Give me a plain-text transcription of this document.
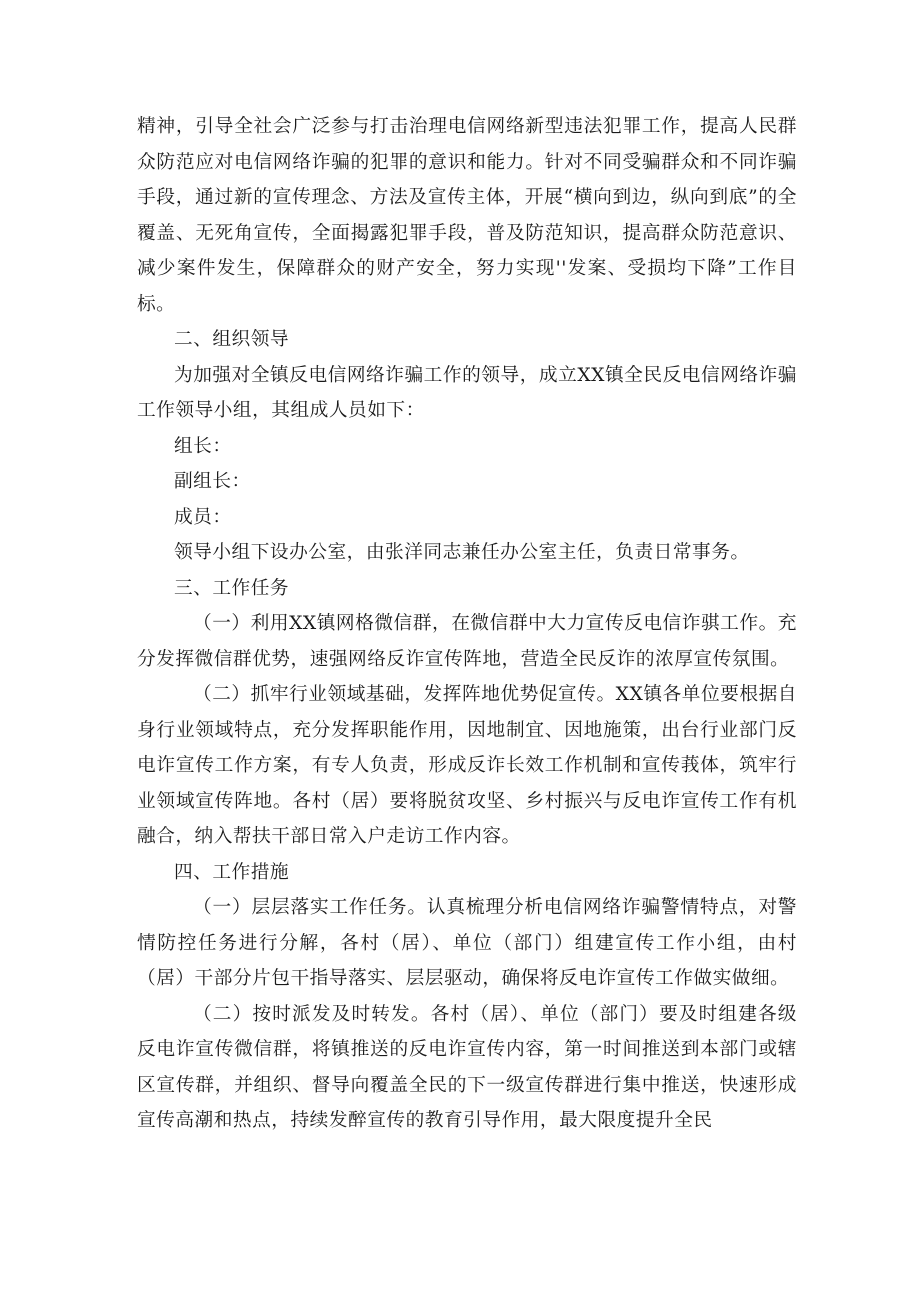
精神，引导全社会广泛参与打击治理电信网络新型违法犯罪工作，提高人民群众防范应对电信网络诈骗的犯罪的意识和能力。针对不同受骗群众和不同诈骗手段，通过新的宣传理念、方法及宣传主体，开展“横向到边，纵向到底”的全覆盖、无死角宣传，全面揭露犯罪手段，普及防范知识，提高群众防范意识、减少案件发生，保障群众的财产安全，努力实现''发案、受损均下降”工作目标。

二、组织领导

为加强对全镇反电信网络诈骗工作的领导，成立XX镇全民反电信网络诈骗工作领导小组，其组成人员如下：

组长：

副组长：

成员：

领导小组下设办公室，由张洋同志兼任办公室主任，负责日常事务。

三、工作任务

（一）利用XX镇网格微信群，在微信群中大力宣传反电信诈骐工作。充分发挥微信群优势，速强网络反诈宣传阵地，营造全民反诈的浓厚宣传氛围。

（二）抓牢行业领域基础，发挥阵地优势促宣传。XX镇各单位要根据自身行业领域特点，充分发挥职能作用，因地制宜、因地施策，出台行业部门反电诈宣传工作方案，有专人负责，形成反诈长效工作机制和宣传莪体，筑牢行业领域宣传阵地。各村（居）要将脱贫攻坚、乡村振兴与反电诈宣传工作有机融合，纳入帮扶干部日常入户走访工作内容。

四、工作措施

（一）层层落实工作任务。认真梳理分析电信网络诈骗警情特点，对警情防控任务进行分解，各村（居）、单位（部门）组建宣传工作小组，由村（居）干部分片包干指导落实、层层驱动，确保将反电诈宣传工作做实做细。

（二）按时派发及时转发。各村（居）、单位（部门）要及时组建各级反电诈宣传微信群，将镇推送的反电诈宣传内容，第一时间推送到本部门或辖区宣传群，并组织、督导向覆盖全民的下一级宣传群进行集中推送，快速形成宣传高潮和热点，持续发醉宣传的教育引导作用，最大限度提升全民
